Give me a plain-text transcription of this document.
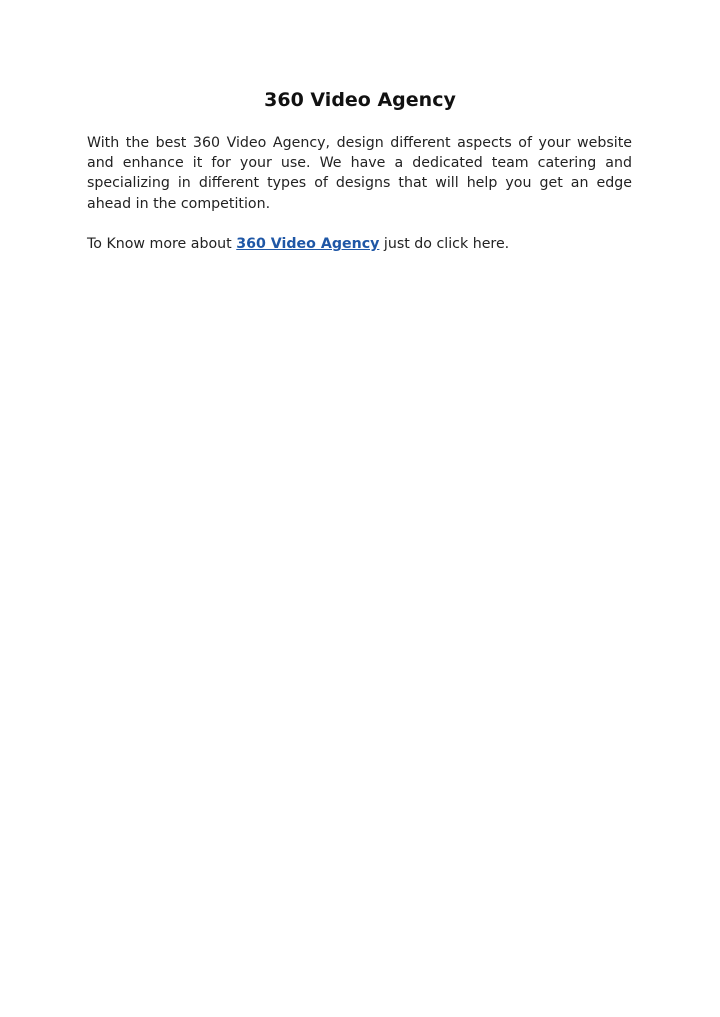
360 Video Agency

With the best 360 Video Agency, design different aspects of your website and enhance it for your use. We have a dedicated team catering and specializing in different types of designs that will help you get an edge ahead in the competition.

To Know more about 360 Video Agency just do click here.
